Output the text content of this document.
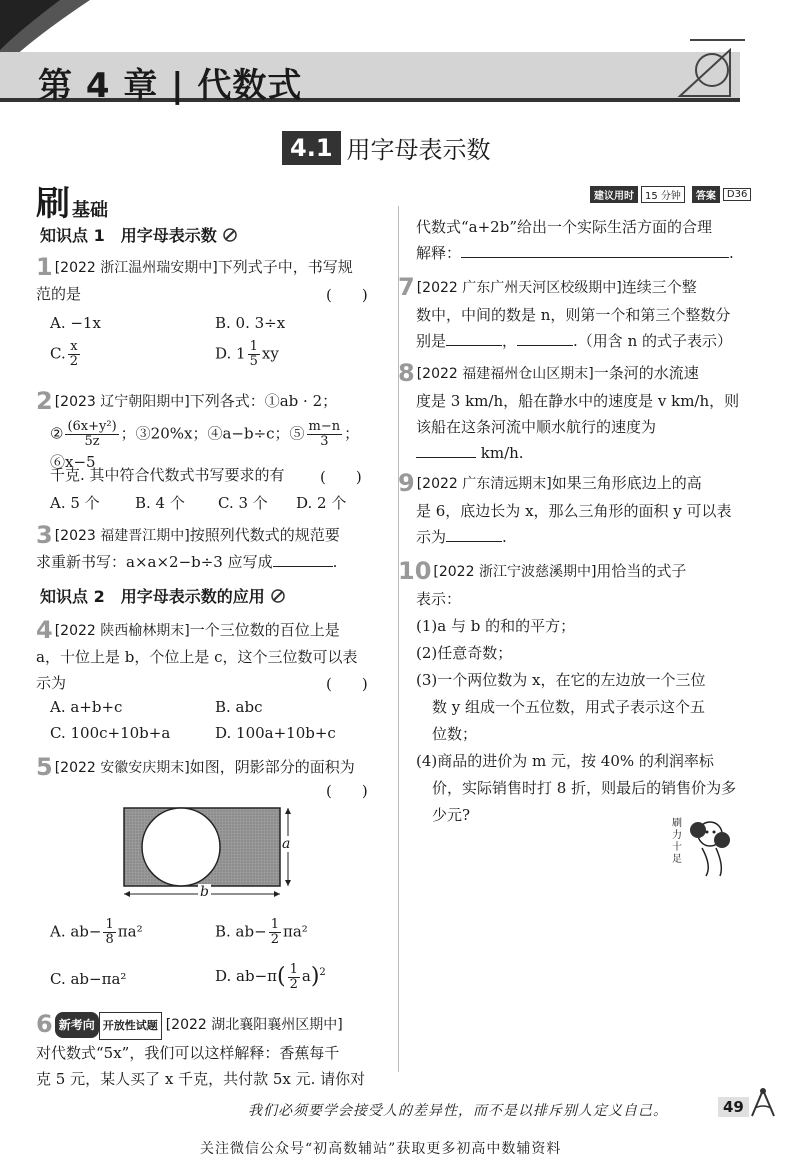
第 4 章 | 代数式
4.1 用字母表示数
刷 基础
建议用时	15 分钟	答案	D36
知识点 1　用字母表示数
1 [2022 浙江温州瑞安期中]下列式子中，书写规
范的是	(　　)
A. −1x	B. 0. 3÷x
C. $\frac{x}{2}$	D. $1 \frac{1}{5}$ xy
2 [2023 辽宁朝阳期中]下列各式：①ab · 2；
② $\frac{\text{(6x+y²)}}{5z}$ ；③20%x；④a−b÷c；⑤ $\frac{m-n}{3}$ ；⑥x−5
千克. 其中符合代数式书写要求的有 (　　)
A. 5 个 B. 4 个 C. 3 个 D. 2 个
3 [2023 福建晋江期中]按照列代数式的规范要
求重新书写：a×a×2−b÷3 应写成	.
知识点 2　用字母表示数的应用
4 [2022 陕西榆林期末]一个三位数的百位上是
a，十位上是 b，个位上是 c，这个三位数可以表
示为	(　　)
A. a+b+c	B. abc
C. 100c+10b+a	D. 100a+10b+c
5 [2022 安徽安庆期末]如图，阴影部分的面积为
(　　)
a
b
A. $ab- \frac{1}{8} \pi a^2$	B. $ab- \frac{1}{2} \pi a^2$
C. ab−πa²	D. $ab-\pi( \frac{1}{2} a)^2$
6 新考向 开放性试题 [2022 湖北襄阳襄州区期中]
对代数式“5x”，我们可以这样解释：香蕉每千
克 5 元，某人买了 x 千克，共付款 5x 元. 请你对
代数式“a+2b”给出一个实际生活方面的合理
解释：	.
7 [2022 广东广州天河区校级期中]连续三个整
数中，中间的数是 n，则第一个和第三个整数分
别是	，	.（用含 n 的式子表示）
8 [2022 福建福州仓山区期末]一条河的水流速
度是 3 km/h，船在静水中的速度是 v km/h，则
该船在这条河流中顺水航行的速度为
km/h.
9 [2022 广东清远期末]如果三角形底边上的高
是 6，底边长为 x，那么三角形的面积 y 可以表
示为	.
10 [2022 浙江宁波慈溪期中]用恰当的式子
表示：
(1)a 与 b 的和的平方；
(2)任意奇数；
(3)一个两位数为 x，在它的左边放一个三位
数 y 组成一个五位数，用式子表示这个五
位数；
(4)商品的进价为 m 元，按 40% 的利润率标
价，实际销售时打 8 折，则最后的销售价为多
少元?	刷力十足
我们必须要学会接受人的差异性，而不是以排斥别人定义自己。	49
关注微信公众号“初高数辅站”获取更多初高中数辅资料
